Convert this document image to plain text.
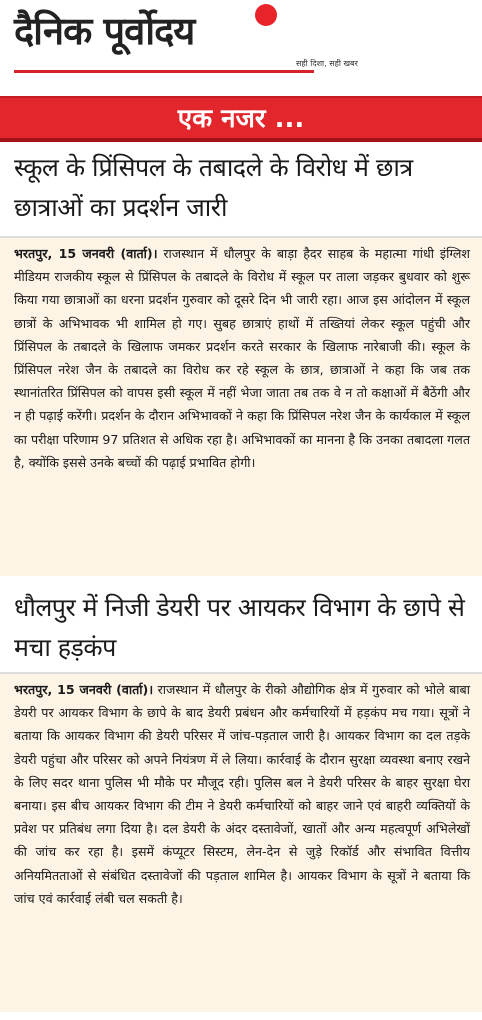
दैनिक पूर्वोदय
सही दिशा, सही खबर
एक नजर ...
स्कूल के प्रिंसिपल के तबादले के विरोध में छात्र छात्राओं का प्रदर्शन जारी
भरतपुर, 15 जनवरी (वार्ता)। राजस्थान में धौलपुर के बाड़ा हैदर साहब के महात्मा गांधी इंग्लिश मीडियम राजकीय स्कूल से प्रिंसिपल के तबादले के विरोध में स्कूल पर ताला जड़कर बुधवार को शुरू किया गया छात्राओं का धरना प्रदर्शन गुरुवार को दूसरे दिन भी जारी रहा। आज इस आंदोलन में स्कूल छात्रों के अभिभावक भी शामिल हो गए। सुबह छात्राएं हाथों में तख्तियां लेकर स्कूल पहुंची और प्रिंसिपल के तबादले के खिलाफ जमकर प्रदर्शन करते सरकार के खिलाफ नारेबाजी की। स्कूल के प्रिंसिपल नरेश जैन के तबादले का विरोध कर रहे स्कूल के छात्र, छात्राओं ने कहा कि जब तक स्थानांतरित प्रिंसिपल को वापस इसी स्कूल में नहीं भेजा जाता तब तक वे न तो कक्षाओं में बैठेंगी और न ही पढ़ाई करेंगी। प्रदर्शन के दौरान अभिभावकों ने कहा कि प्रिंसिपल नरेश जैन के कार्यकाल में स्कूल का परीक्षा परिणाम 97 प्रतिशत से अधिक रहा है। अभिभावकों का मानना है कि उनका तबादला गलत है, क्योंकि इससे उनके बच्चों की पढ़ाई प्रभावित होगी।
धौलपुर में निजी डेयरी पर आयकर विभाग के छापे से मचा हड़कंप
भरतपुर, 15 जनवरी (वार्ता)। राजस्थान में धौलपुर के रीको औद्योगिक क्षेत्र में गुरुवार को भोले बाबा डेयरी पर आयकर विभाग के छापे के बाद डेयरी प्रबंधन और कर्मचारियों में हड़कंप मच गया। सूत्रों ने बताया कि आयकर विभाग की डेयरी परिसर में जांच-पड़ताल जारी है। आयकर विभाग का दल तड़के डेयरी पहुंचा और परिसर को अपने नियंत्रण में ले लिया। कार्रवाई के दौरान सुरक्षा व्यवस्था बनाए रखने के लिए सदर थाना पुलिस भी मौके पर मौजूद रही। पुलिस बल ने डेयरी परिसर के बाहर सुरक्षा घेरा बनाया। इस बीच आयकर विभाग की टीम ने डेयरी कर्मचारियों को बाहर जाने एवं बाहरी व्यक्तियों के प्रवेश पर प्रतिबंध लगा दिया है। दल डेयरी के अंदर दस्तावेजों, खातों और अन्य महत्वपूर्ण अभिलेखों की जांच कर रहा है। इसमें कंप्यूटर सिस्टम, लेन-देन से जुड़े रिकॉर्ड और संभावित वित्तीय अनियमितताओं से संबंधित दस्तावेजों की पड़ताल शामिल है। आयकर विभाग के सूत्रों ने बताया कि जांच एवं कार्रवाई लंबी चल सकती है।
